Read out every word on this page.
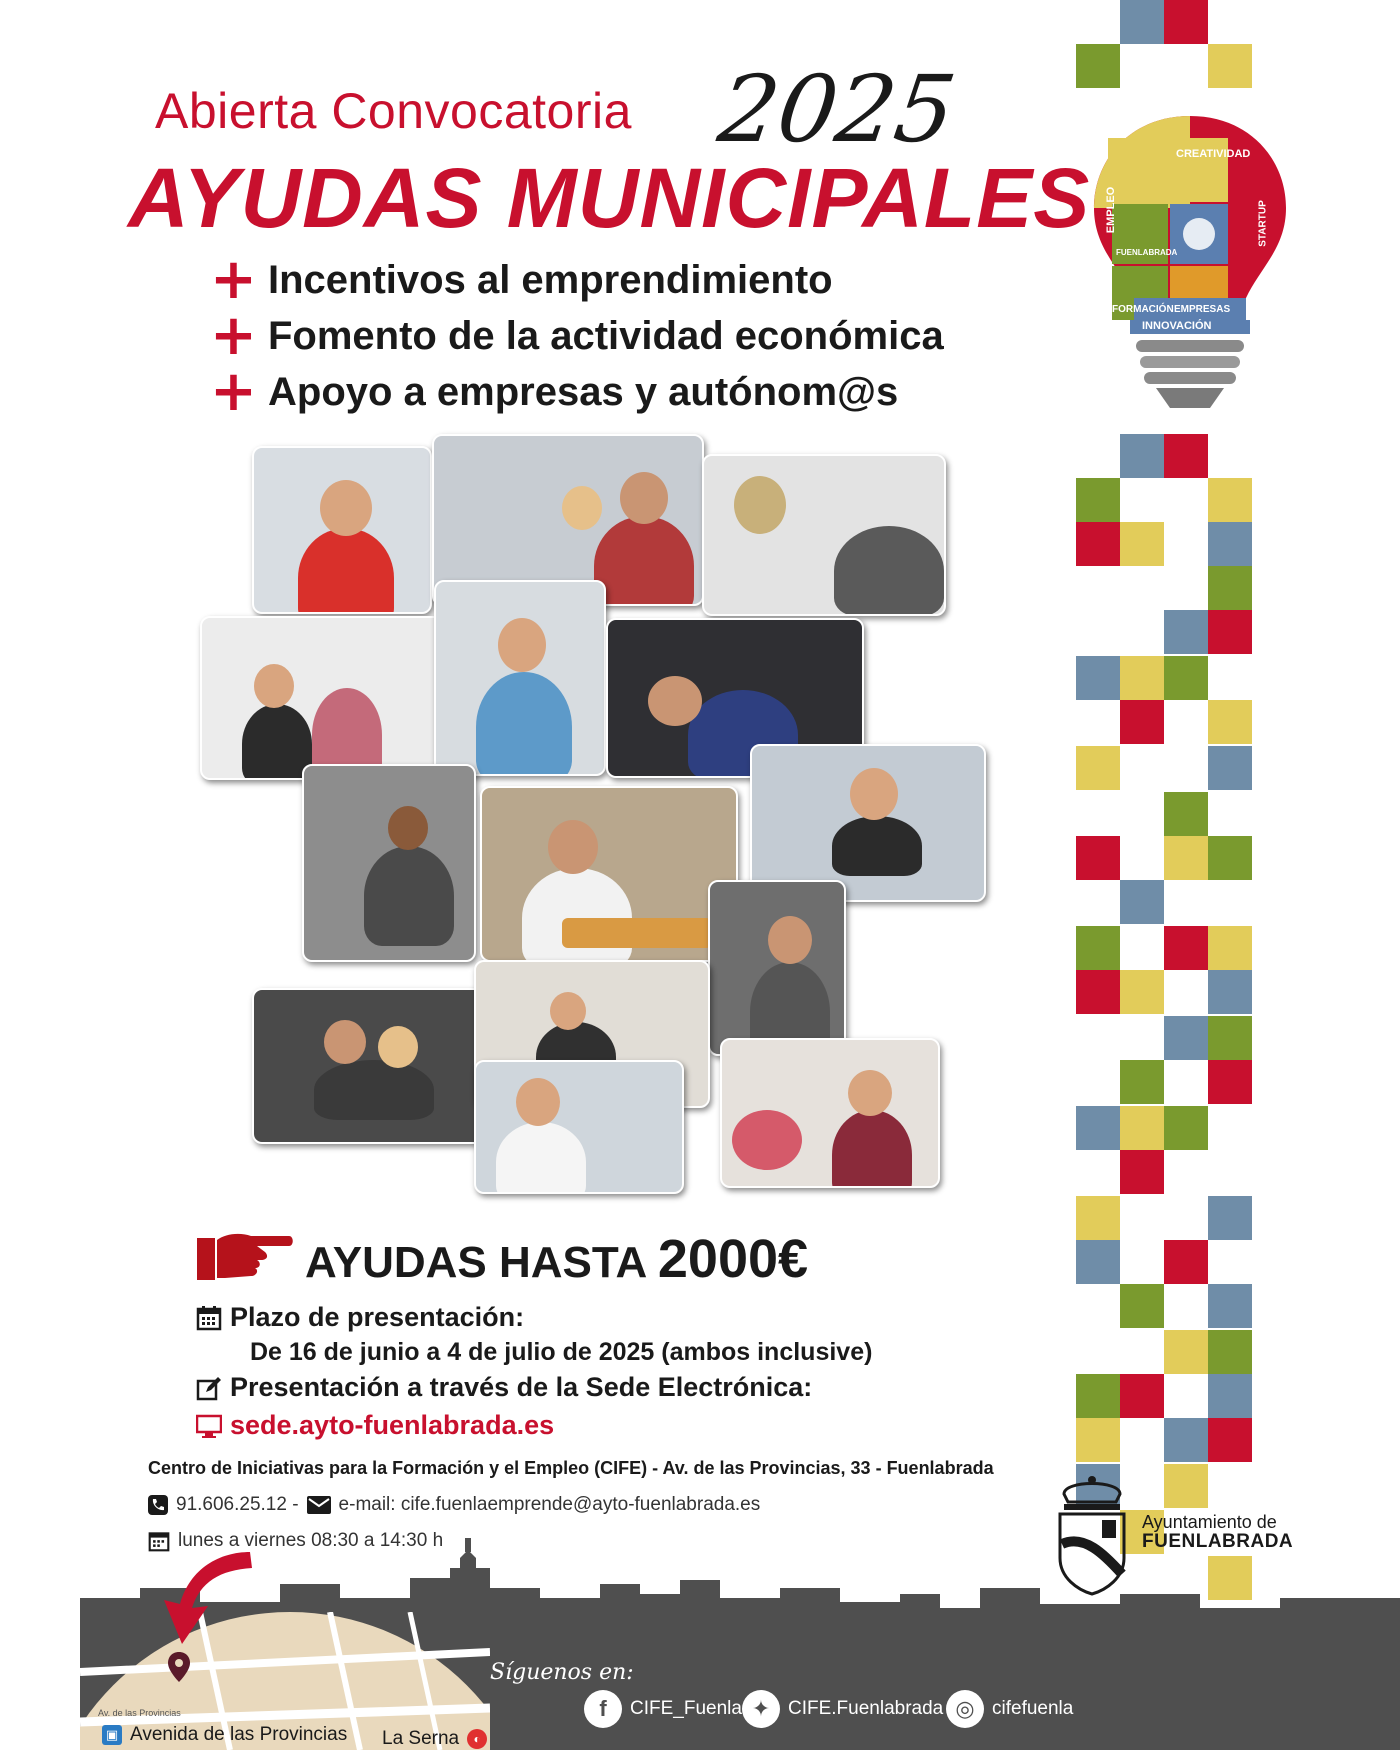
Abierta Convocatoria 2025
AYUDAS MUNICIPALES
+ Incentivos al emprendimiento
+ Fomento de la actividad económica
+ Apoyo a empresas y autónom@s
CREATIVIDAD
EMPLEO
FUENLABRADA
STARTUP
FORMACIÓN EMPRESAS
INNOVACIÓN
AYUDAS HASTA 2000€
Plazo de presentación:
De 16 de junio a 4 de julio de 2025 (ambos inclusive)
Presentación a través de la Sede Electrónica:
sede.ayto-fuenlabrada.es
Centro de Iniciativas para la Formación y el Empleo (CIFE) - Av. de las Provincias, 33 - Fuenlabrada
91.606.25.12 - e-mail: cife.fuenlaemprende@ayto-fuenlabrada.es
lunes a viernes 08:30 a 14:30 h
Ayuntamiento de
FUENLABRADA
Av. de las Provincias
▣ Avenida de las Provincias La Serna	◐
Síguenos en:
f	CIFE_Fuenla ✦ CIFE.Fuenlabrada ◎ cifefuenla
